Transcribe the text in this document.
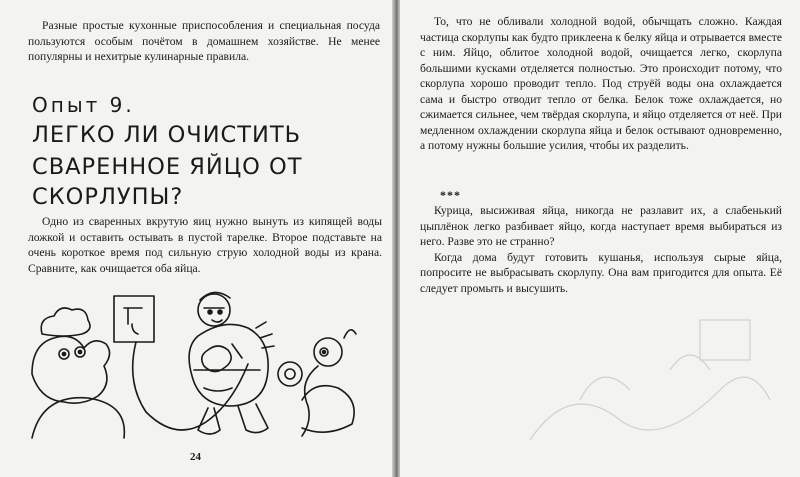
Разные простые кухонные приспособления и специальная посуда пользуются особым почётом в домашнем хозяйстве. Не менее популярны и нехитрые кулинарные правила.

Опыт 9.
ЛЕГКО ЛИ ОЧИСТИТЬ
СВАРЕННОЕ ЯЙЦО ОТ СКОРЛУПЫ?

Одно из сваренных вкрутую яиц нужно вынуть из кипящей воды ложкой и оставить остывать в пустой тарелке. Второе подставьте на очень короткое время под сильную струю холодной воды из крана. Сравните, как очищается оба яйца.

24

То, что не обливали холодной водой, обычщать сложно. Каждая частица скорлупы как будто приклеена к белку яйца и отрывается вместе с ним. Яйцо, облитое холодной водой, очищается легко, скорлупа большими кусками отделяется полностью. Это происходит потому, что скорлупа хорошо проводит тепло. Под струёй воды она охлаждается сама и быстро отводит тепло от белка. Белок тоже охлаждается, но сжимается сильнее, чем твёрдая скорлупа, и яйцо отделяется от неё. При медленном охлаждении скорлупа яйца и белок остывают одновременно, а потому нужны большие усилия, чтобы их разделить.

***

Курица, высиживая яйца, никогда не разлавит их, а слабенький цыплёнок легко разбивает яйцо, когда наступает время выбираться из него. Разве это не странно?

Когда дома будут готовить кушанья, используя сырые яйца, попросите не выбрасывать скорлупу. Она вам пригодится для опыта. Её следует промыть и высушить.
